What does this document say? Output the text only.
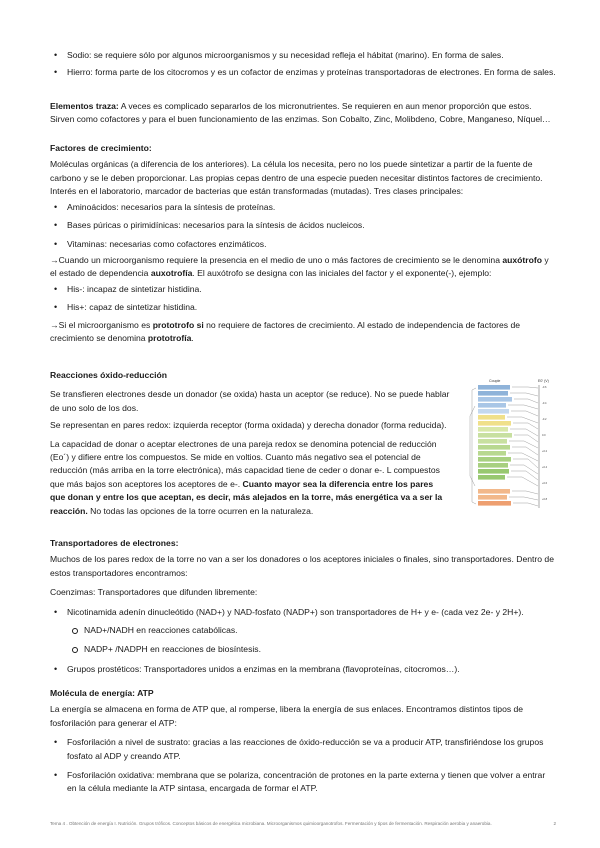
• Sodio: se requiere sólo por algunos microorganismos y su necesidad refleja el hábitat (marino). En forma de sales.
• Hierro: forma parte de los citocromos y es un cofactor de enzimas y proteínas transportadoras de electrones. En forma de sales.

Elementos traza: A veces es complicado separarlos de los micronutrientes. Se requieren en aun menor proporción que estos. Sirven como cofactores y para el buen funcionamiento de las enzimas. Son Cobalto, Zinc, Molibdeno, Cobre, Manganeso, Níquel…

Factores de crecimiento:

Moléculas orgánicas (a diferencia de los anteriores). La célula los necesita, pero no los puede sintetizar a partir de la fuente de carbono y se le deben proporcionar. Las propias cepas dentro de una especie pueden necesitar distintos factores de crecimiento. Interés en el laboratorio, marcador de bacterias que están transformadas (mutadas). Tres clases principales:

• Aminoácidos: necesarios para la síntesis de proteínas.
• Bases púricas o pirimidínicas: necesarios para la síntesis de ácidos nucleicos.
• Vitaminas: necesarias como cofactores enzimáticos.

→Cuando un microorganismo requiere la presencia en el medio de uno o más factores de crecimiento se le denomina auxótrofo y el estado de dependencia auxotrofía. El auxótrofo se designa con las iniciales del factor y el exponente(-), ejemplo:

• His-: incapaz de sintetizar histidina.
• His+: capaz de sintetizar histidina.

→Si el microorganismo es prototrofo si no requiere de factores de crecimiento. Al estado de independencia de factores de crecimiento se denomina prototrofía.

Reacciones óxido-reducción

Se transfieren electrones desde un donador (se oxida) hasta un aceptor (se reduce). No se puede hablar de uno solo de los dos.

Se representan en pares redox: izquierda receptor (forma oxidada) y derecha donador (forma reducida).

La capacidad de donar o aceptar electrones de una pareja redox se denomina potencial de reducción (Eo´) y difiere entre los compuestos. Se mide en voltios. Cuanto más negativo sea el potencial de reducción (más arriba en la torre electrónica), más capacidad tiene de ceder o donar e-. L compuestos que más bajos son aceptores los aceptores de e-. Cuanto mayor sea la diferencia entre los pares que donan y entre los que aceptan, es decir, más alejados en la torre, más energética va a ser la reacción. No todas las opciones de la torre ocurren en la naturaleza.

Couple	E0' (V)
-0.6
-0.4
-0.2
0.0
+0.2
+0.4
+0.6
+0.8

Transportadores de electrones:

Muchos de los pares redox de la torre no van a ser los donadores o los aceptores iniciales o finales, sino transportadores. Dentro de estos transportadores encontramos:

Coenzimas: Transportadores que difunden libremente:

• Nicotinamida adenín dinucleótido (NAD+) y NAD-fosfato (NADP+) son transportadores de H+ y e- (cada vez 2e- y 2H+).
NAD+/NADH en reacciones catabólicas.
NADP+ /NADPH en reacciones de biosíntesis.
• Grupos prostéticos: Transportadores unidos a enzimas en la membrana (flavoproteínas, citocromos…).

Molécula de energía: ATP

La energía se almacena en forma de ATP que, al romperse, libera la energía de sus enlaces. Encontramos distintos tipos de fosforilación para generar el ATP:

• Fosforilación a nivel de sustrato: gracias a las reacciones de óxido-reducción se va a producir ATP, transfiriéndose los grupos fosfato al ADP y creando ATP.
• Fosforilación oxidativa: membrana que se polariza, concentración de protones en la parte externa y tienen que volver a entrar en la célula mediante la ATP sintasa, encargada de formar el ATP.
Tema 4 . Obtención de energía I. Nutrición. Grupos tróficos. Conceptos básicos de energética microbiana. Microorganismos quimioorganotrofos. Fermentación y tipos de fermentación. Respiración aerobia y anaerobia.	2
